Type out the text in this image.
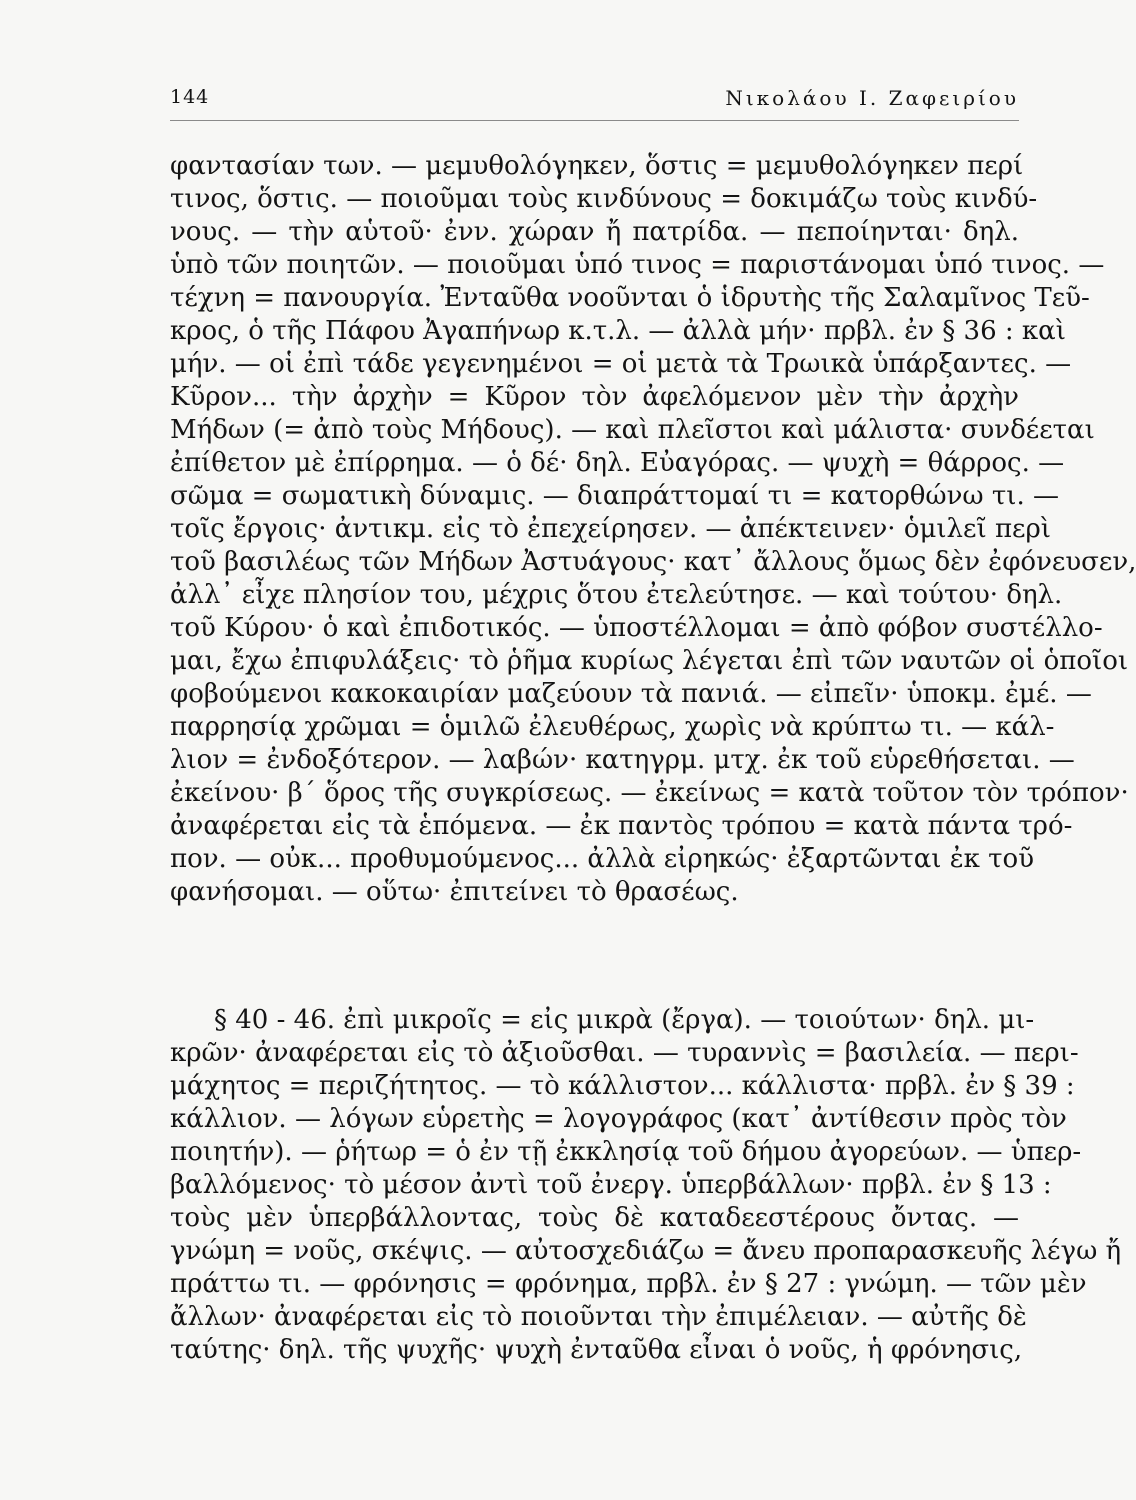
144	Νικολάου Ι. Ζαφειρίου
φαντασίαν των. — μεμυθολόγηκεν, ὅστις = μεμυθολόγηκεν περί
τινος, ὅστις. — ποιοῦμαι τοὺς κινδύνους = δοκιμάζω τοὺς κινδύ-
νους. — τὴν αὑτοῦ· ἐνν. χώραν ἤ πατρίδα. — πεποίηνται· δηλ.
ὑπὸ τῶν ποιητῶν. — ποιοῦμαι ὑπό τινος = παριστάνομαι ὑπό τινος. —
τέχνη = πανουργία. Ἐνταῦθα νοοῦνται ὁ ἱδρυτὴς τῆς Σαλαμῖνος Τεῦ-
κρος, ὁ τῆς Πάφου Ἀγαπήνωρ κ.τ.λ. — ἀλλὰ μήν· πρβλ. ἐν § 36 : καὶ
μήν. — οἱ ἐπὶ τάδε γεγενημένοι = οἱ μετὰ τὰ Τρωικὰ ὑπάρξαντες. —
Κῦρον... τὴν ἀρχὴν = Κῦρον τὸν ἀφελόμενον μὲν τὴν ἀρχὴν
Μήδων (= ἀπὸ τοὺς Μήδους). — καὶ πλεῖστοι καὶ μάλιστα· συνδέεται
ἐπίθετον μὲ ἐπίρρημα. — ὁ δέ· δηλ. Εὐαγόρας. — ψυχὴ = θάρρος. —
σῶμα = σωματικὴ δύναμις. — διαπράττομαί τι = κατορθώνω τι. —
τοῖς ἔργοις· ἀντικμ. εἰς τὸ ἐπεχείρησεν. — ἀπέκτεινεν· ὁμιλεῖ περὶ
τοῦ βασιλέως τῶν Μήδων Ἀστυάγους· κατ᾿ ἄλλους ὅμως δὲν ἐφόνευσεν,
ἀλλ᾿ εἶχε πλησίον του, μέχρις ὅτου ἐτελεύτησε. — καὶ τούτου· δηλ.
τοῦ Κύρου· ὁ καὶ ἐπιδοτικός. — ὑποστέλλομαι = ἀπὸ φόβον συστέλλο-
μαι, ἔχω ἐπιφυλάξεις· τὸ ῥῆμα κυρίως λέγεται ἐπὶ τῶν ναυτῶν οἱ ὁποῖοι
φοβούμενοι κακοκαιρίαν μαζεύουν τὰ πανιά. — εἰπεῖν· ὑποκμ. ἐμέ. —
παρρησίᾳ χρῶμαι = ὁμιλῶ ἐλευθέρως, χωρὶς νὰ κρύπτω τι. — κάλ-
λιον = ἐνδοξότερον. — λαβών· κατηγρμ. μτχ. ἐκ τοῦ εὑρεθήσεται. —
ἐκείνου· β´ ὅρος τῆς συγκρίσεως. — ἐκείνως = κατὰ τοῦτον τὸν τρόπον·
ἀναφέρεται εἰς τὰ ἑπόμενα. — ἐκ παντὸς τρόπου = κατὰ πάντα τρό-
πον. — οὐκ... προθυμούμενος... ἀλλὰ εἰρηκώς· ἐξαρτῶνται ἐκ τοῦ
φανήσομαι. — οὕτω· ἐπιτείνει τὸ θρασέως.
§ 40 - 46. ἐπὶ μικροῖς = εἰς μικρὰ (ἔργα). — τοιούτων· δηλ. μι-
κρῶν· ἀναφέρεται εἰς τὸ ἀξιοῦσθαι. — τυραννὶς = βασιλεία. — περι-
μάχητος = περιζήτητος. — τὸ κάλλιστον... κάλλιστα· πρβλ. ἐν § 39 :
κάλλιον. — λόγων εὑρετὴς = λογογράφος (κατ᾿ ἀντίθεσιν πρὸς τὸν
ποιητήν). — ῥήτωρ = ὁ ἐν τῇ ἐκκλησίᾳ τοῦ δήμου ἀγορεύων. — ὑπερ-
βαλλόμενος· τὸ μέσον ἀντὶ τοῦ ἐνεργ. ὑπερβάλλων· πρβλ. ἐν § 13 :
τοὺς μὲν ὑπερβάλλοντας, τοὺς δὲ καταδεεστέρους ὄντας. —
γνώμη = νοῦς, σκέψις. — αὐτοσχεδιάζω = ἄνευ προπαρασκευῆς λέγω ἤ
πράττω τι. — φρόνησις = φρόνημα, πρβλ. ἐν § 27 : γνώμη. — τῶν μὲν
ἄλλων· ἀναφέρεται εἰς τὸ ποιοῦνται τὴν ἐπιμέλειαν. — αὐτῆς δὲ
ταύτης· δηλ. τῆς ψυχῆς· ψυχὴ ἐνταῦθα εἶναι ὁ νοῦς, ἡ φρόνησις,
